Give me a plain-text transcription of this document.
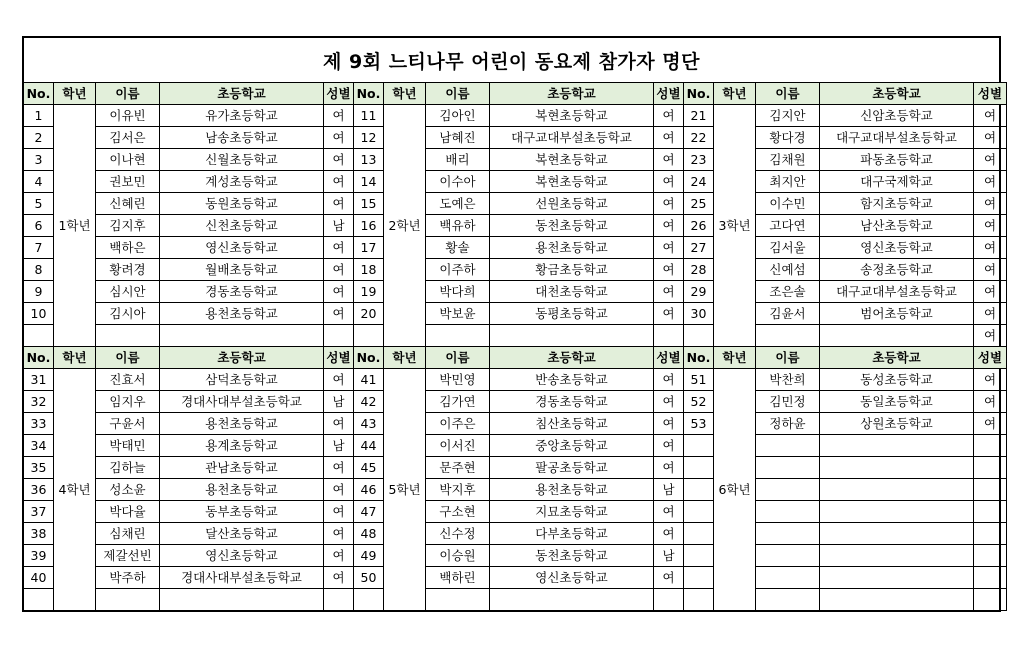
제 9회 느티나무 어린이 동요제 참가자 명단
No.	학년	이름	초등학교	성별	No.	학년	이름	초등학교	성별	No.	학년	이름	초등학교	성별
1	1학년	이유빈	유가초등학교	여	11	2학년	김아인	복현초등학교	여	21	3학년	김지안	신암초등학교	여
2		김서은	남송초등학교	여	12		남혜진	대구교대부설초등학교	여	22		황다경	대구교대부설초등학교	여
3		이나현	신월초등학교	여	13		배리	복현초등학교	여	23		김채원	파동초등학교	여
4		권보민	계성초등학교	여	14		이수아	복현초등학교	여	24		최지안	대구국제학교	여
5		신혜린	동원초등학교	여	15		도예은	선원초등학교	여	25		이수민	함지초등학교	여
6		김지후	신천초등학교	남	16		백유하	동천초등학교	여	26		고다연	남산초등학교	여
7		백하은	영신초등학교	여	17		황솔	용천초등학교	여	27		김서울	영신초등학교	여
8		황려경	월배초등학교	여	18		이주하	황금초등학교	여	28		신예섬	송정초등학교	여
9		심시안	경동초등학교	여	19		박다희	대천초등학교	여	29		조은솔	대구교대부설초등학교	여
10		김시아	용천초등학교	여	20		박보윤	동평초등학교	여	30		김윤서	범어초등학교	여
														여
No.	학년	이름	초등학교	성별	No.	학년	이름	초등학교	성별	No.	학년	이름	초등학교	성별
31	4학년	진효서	삼덕초등학교	여	41	5학년	박민영	반송초등학교	여	51	6학년	박찬희	동성초등학교	여
32		임지우	경대사대부설초등학교	남	42		김가연	경동초등학교	여	52		김민정	동일초등학교	여
33		구윤서	용천초등학교	여	43		이주은	침산초등학교	여	53		정하윤	상원초등학교	여
34		박태민	용계초등학교	남	44		이서진	중앙초등학교	여					
35		김하늘	관남초등학교	여	45		문주현	팔공초등학교	여					
36		성소윤	용천초등학교	여	46		박지후	용천초등학교	남					
37		박다율	동부초등학교	여	47		구소현	지묘초등학교	여					
38		심채린	달산초등학교	여	48		신수정	다부초등학교	여					
39		제갈선빈	영신초등학교	여	49		이승원	동천초등학교	남					
40		박주하	경대사대부설초등학교	여	50		백하린	영신초등학교	여					
